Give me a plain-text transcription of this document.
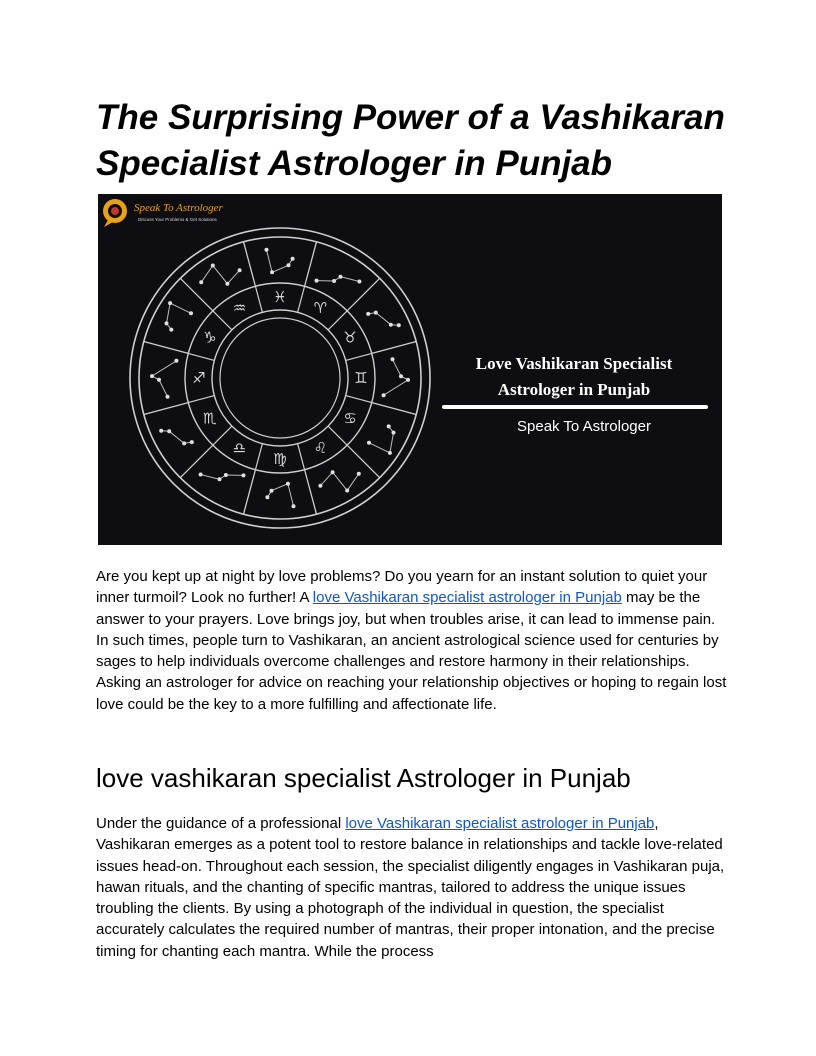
The Surprising Power of a Vashikaran Specialist Astrologer in Punjab
Speak To Astrologer
Discuss Your Problems & Get Solutions
♈
♉
♊
♋
♌
♍
♎
♏
♐
♑
♒
♓
Love Vashikaran Specialist
Astrologer in Punjab
Speak To Astrologer

Are you kept up at night by love problems? Do you yearn for an instant solution to quiet your inner turmoil? Look no further! A love Vashikaran specialist astrologer in Punjab may be the answer to your prayers. Love brings joy, but when troubles arise, it can lead to immense pain. In such times, people turn to Vashikaran, an ancient astrological science used for centuries by sages to help individuals overcome challenges and restore harmony in their relationships. Asking an astrologer for advice on reaching your relationship objectives or hoping to regain lost love could be the key to a more fulfilling and affectionate life.

love vashikaran specialist Astrologer in Punjab

Under the guidance of a professional love Vashikaran specialist astrologer in Punjab, Vashikaran emerges as a potent tool to restore balance in relationships and tackle love-related issues head-on. Throughout each session, the specialist diligently engages in Vashikaran puja, hawan rituals, and the chanting of specific mantras, tailored to address the unique issues troubling the clients. By using a photograph of the individual in question, the specialist accurately calculates the required number of mantras, their proper intonation, and the precise timing for chanting each mantra. While the process
